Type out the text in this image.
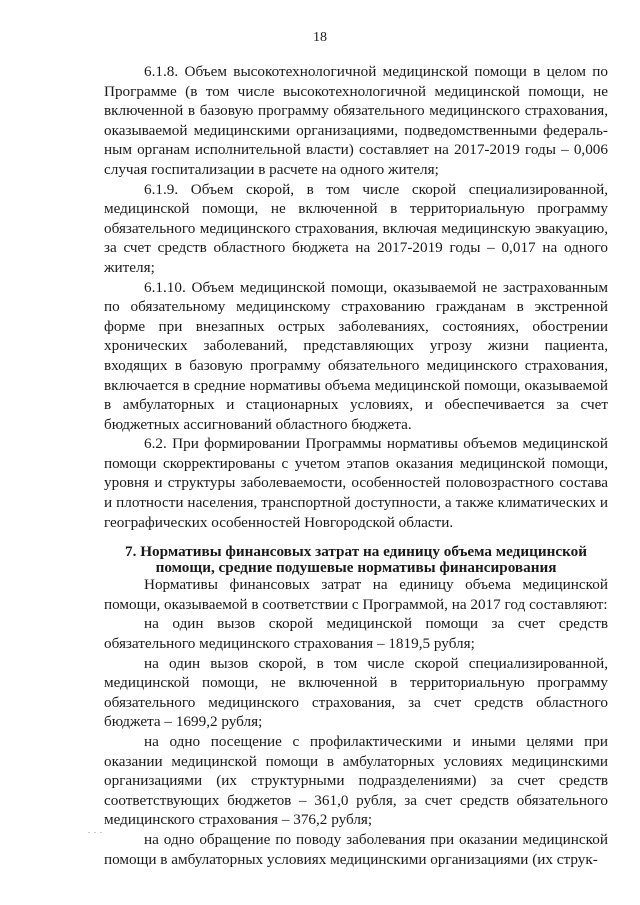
18

6.1.8. Объем высокотехнологичной медицинской помощи в целом по Программе (в том числе высокотехнологичной медицинской помощи, не включенной в базовую программу обязательного медицинского страхования, оказываемой медицинскими организациями, подведомственными федераль-ным органам исполнительной власти) составляет на 2017-2019 годы – 0,006 случая госпитализации в расчете на одного жителя;

6.1.9. Объем скорой, в том числе скорой специализированной, медицинской помощи, не включенной в территориальную программу обязательного медицинского страхования, включая медицинскую эвакуацию, за счет средств областного бюджета на 2017-2019 годы – 0,017 на одного жителя;

6.1.10. Объем медицинской помощи, оказываемой не застрахованным по обязательному медицинскому страхованию гражданам в экстренной форме при внезапных острых заболеваниях, состояниях, обострении хронических заболеваний, представляющих угрозу жизни пациента, входящих в базовую программу обязательного медицинского страхования, включается в средние нормативы объема медицинской помощи, оказываемой в амбулаторных и стационарных условиях, и обеспечивается за счет бюджетных ассигнований областного бюджета.

6.2. При формировании Программы нормативы объемов медицинской помощи скорректированы с учетом этапов оказания медицинской помощи, уровня и структуры заболеваемости, особенностей половозрастного состава и плотности населения, транспортной доступности, а также климатических и географических особенностей Новгородской области.

7. Нормативы финансовых затрат на единицу объема медицинской
помощи, средние подушевые нормативы финансирования

Нормативы финансовых затрат на единицу объема медицинской помощи, оказываемой в соответствии с Программой, на 2017 год составляют:

на один вызов скорой медицинской помощи за счет средств обязательного медицинского страхования – 1819,5 рубля;

на один вызов скорой, в том числе скорой специализированной, медицинской помощи, не включенной в территориальную программу обязательного медицинского страхования, за счет средств областного бюджета – 1699,2 рубля;

на одно посещение с профилактическими и иными целями при оказании медицинской помощи в амбулаторных условиях медицинскими организациями (их структурными подразделениями) за счет средств соответствующих бюджетов – 361,0 рубля, за счет средств обязательного медицинского страхования – 376,2 рубля;

на одно обращение по поводу заболевания при оказании медицинской помощи в амбулаторных условиях медицинскими организациями (их струк-

. . .
